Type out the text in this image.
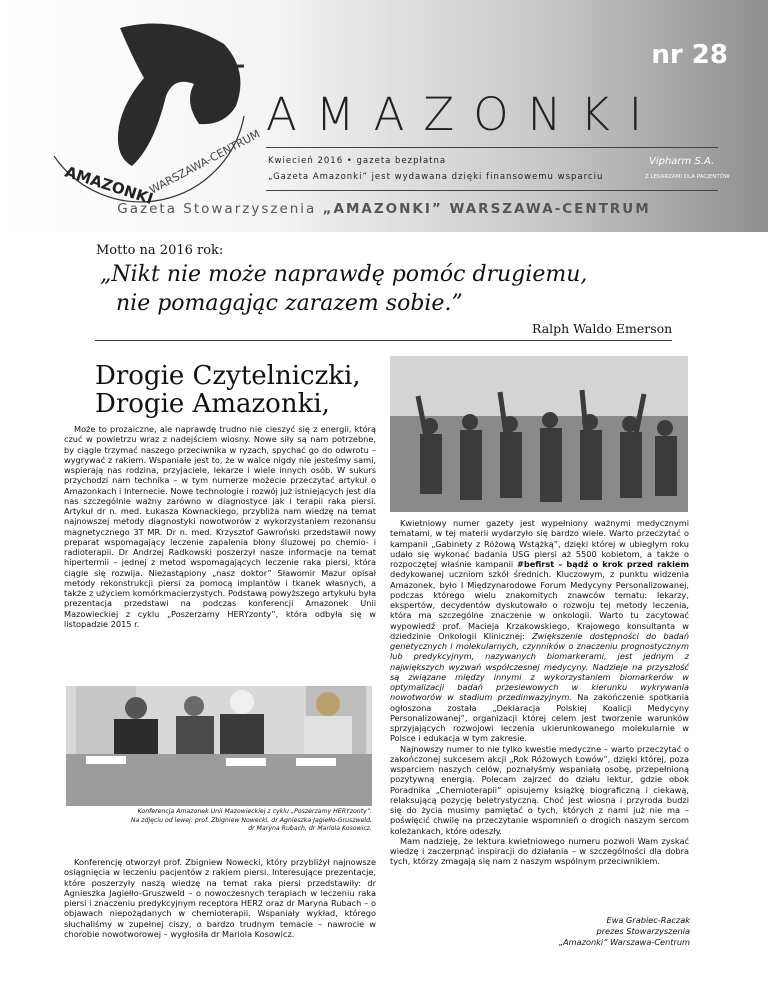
AMAZONKI
WARSZAWA-CENTRUM
nr 28
AMAZONKI
Kwiecień 2016 • gazeta bezpłatna
„Gazeta Amazonki” jest wydawana dzięki finansowemu wsparciu
Vipharm S.A.
Z LEKARZAMI DLA PACJENTÓW
Gazeta Stowarzyszenia „AMAZONKI” WARSZAWA-CENTRUM
Motto na 2016 rok:
„Nikt nie może naprawdę pomóc drugiemu,
nie pomagając zarazem sobie.”
Ralph Waldo Emerson
Drogie Czytelniczki,
Drogie Amazonki,

Może to prozaiczne, ale naprawdę trudno nie cieszyć się z energii, którą czuć w powietrzu wraz z nadejściem wiosny. Nowe siły są nam potrzebne, by ciągle trzymać naszego przeciwnika w ryzach, spychać go do odwrotu – wygrywać z rakiem. Wspaniałe jest to, że w walce nigdy nie jesteśmy sami, wspierają nas rodzina, przyjaciele, lekarze i wiele innych osób. W sukurs przychodzi nam technika – w tym numerze możecie przeczytać artykuł o Amazonkach i Internecie. Nowe technologie i rozwój już istniejących jest dla nas szczególnie ważny zarówno w diagnostyce jak i terapii raka piersi. Artykuł dr n. med. Łukasza Kownackiego, przybliża nam wiedzę na temat najnowszej metody diagnostyki nowotworów z wykorzystaniem rezonansu magnetycznego 3T MR. Dr n. med. Krzysztof Gawroński przedstawił nowy preparat wspomagający leczenie zapalenia błony śluzowej po chemio- i radioterapii. Dr Andrzej Radkowski poszerzył nasze informacje na temat hipertermii – jednej z metod wspomagających leczenie raka piersi, która ciągle się rozwija. Niezastąpiony „nasz doktor” Sławomir Mazur opisał metody rekonstrukcji piersi za pomocą implantów i tkanek własnych, a także z użyciem komórkmacierzystych. Podstawą powyższego artykułu była prezentacja przedstawi na podczas konferencji Amazonek Unii Mazowieckiej z cyklu „Poszerzamy HERYzonty”, która odbyła się w listopadzie 2015 r.

Konferencja Amazonek Unii Mazowieckiej z cyklu „Poszerzamy HERYzonty”.
Na zdjęciu od lewej: prof. Zbigniew Nowecki, dr Agnieszka Jagiełło-Gruszweld,
dr Maryna Rubach, dr Mariola Kosowicz.

Konferencję otworzył prof. Zbigniew Nowecki, który przybliżył najnowsze osiągnięcia w leczeniu pacjentów z rakiem piersi. Interesujące prezentacje, które poszerzyły naszą wiedzę na temat raka piersi przedstawiły: dr Agnieszka Jagiełło-Gruszweld – o nowoczesnych terapiach w leczeniu raka piersi i znaczeniu predykcyjnym receptora HER2 oraz dr Maryna Rubach – o objawach niepożądanych w chemioterapii. Wspaniały wykład, którego słuchaliśmy w zupełnej ciszy, o bardzo trudnym temacie – nawrocie w chorobie nowotworowej – wygłosiła dr Mariola Kosowicz.

Kwietniowy numer gazety jest wypełniony ważnymi medycznymi tematami, w tej materii wydarzyło się bardzo wiele. Warto przeczytać o kampanii „Gabinety z Różową Wstążką”, dzięki której w ubiegłym roku udało się wykonać badania USG piersi aż 5500 kobietom, a także o rozpoczętej właśnie kampanii #befirst – bądź o krok przed rakiem dedykowanej uczniom szkół średnich. Kluczowym, z punktu widzenia Amazonek, było I Międzynarodowe Forum Medycyny Personalizowanej, podczas którego wielu znakomitych znawców tematu: lekarzy, ekspertów, decydentów dyskutowało o rozwoju tej metody leczenia, która ma szczególne znaczenie w onkologii. Warto tu zacytować wypowiedź prof. Macieja Krzakowskiego, Krajowego konsultanta w dziedzinie Onkologii Klinicznej: Zwiększenie dostępności do badań genetycznych i molekularnych, czynników o znaczeniu prognostycznym lub predykcyjnym, nazywanych biomarkerami, jest jednym z największych wyzwań współczesnej medycyny. Nadzieje na przyszłość są związane między innymi z wykorzystaniem biomarkerów w optymalizacji badań przesiewowych w kierunku wykrywania nowotworów w stadium przedinwazyjnym. Na zakończenie spotkania ogłoszona została „Deklaracja Polskiej Koalicji Medycyny Personalizowanej”, organizacji której celem jest tworzenie warunków sprzyjających rozwojowi leczenia ukierunkowanego molekularnie w Polsce i edukacja w tym zakresie.

Najnowszy numer to nie tylko kwestie medyczne – warto przeczytać o zakończonej sukcesem akcji „Rok Różowych Łowów”, dzięki której, poza wsparciem naszych celów, poznałyśmy wspaniałą osobę, przepełnioną pozytywną energią. Polecam zajrzeć do działu lektur, gdzie obok Poradnika „Chemioterapii” opisujemy książkę biograficzną i ciekawą, relaksującą pozycję beletrystyczną. Choć jest wiosna i przyroda budzi się do życia musimy pamiętać o tych, których z nami już nie ma – poświęcić chwilę na przeczytanie wspomnień o drogich naszym sercom koleżankach, które odeszły.

Mam nadzieję, że lektura kwietniowego numeru pozwoli Wam zyskać wiedzę i zaczerpnąć inspiracji do działania – w szczególności dla dobra tych, którzy zmagają się nam z naszym wspólnym przeciwnikiem.

Ewa Grabiec-Raczak
prezes Stowarzyszenia
„Amazonki” Warszawa-Centrum
